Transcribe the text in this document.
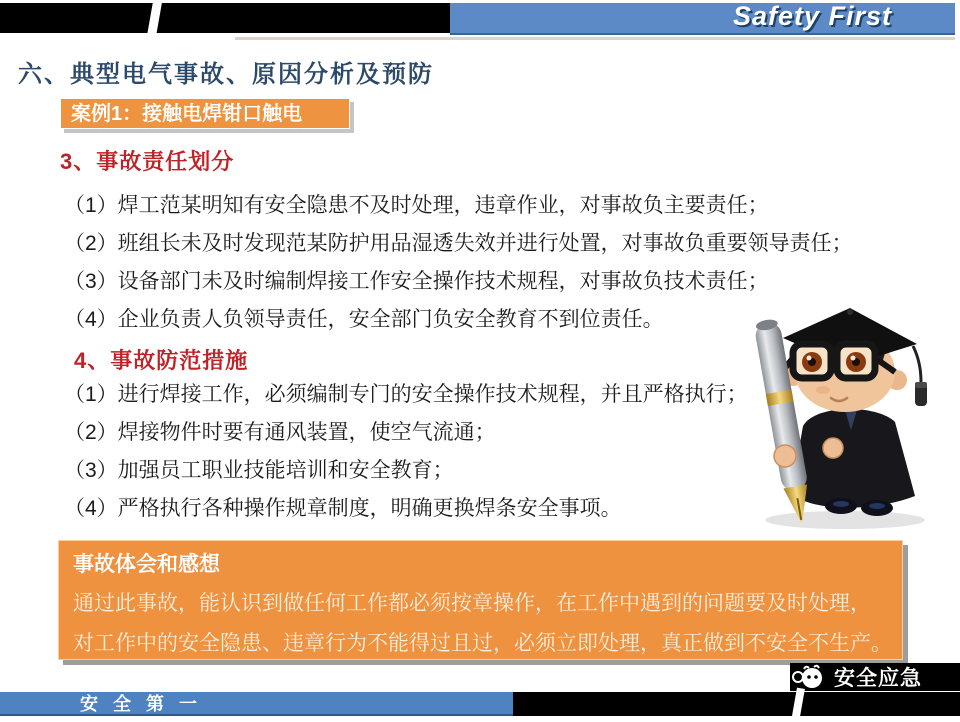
Safety First
六、典型电气事故、原因分析及预防
案例1：接触电焊钳口触电
3、事故责任划分
（1）焊工范某明知有安全隐患不及时处理，违章作业，对事故负主要责任；
（2）班组长未及时发现范某防护用品湿透失效并进行处置，对事故负重要领导责任；
（3）设备部门未及时编制焊接工作安全操作技术规程，对事故负技术责任；
（4）企业负责人负领导责任，安全部门负安全教育不到位责任。
4、事故防范措施
（1）进行焊接工作，必须编制专门的安全操作技术规程，并且严格执行；
（2）焊接物件时要有通风装置，使空气流通；
（3）加强员工职业技能培训和安全教育；
（4）严格执行各种操作规章制度，明确更换焊条安全事项。
事故体会和感想
通过此事故，能认识到做任何工作都必须按章操作，在工作中遇到的问题要及时处理，
对工作中的安全隐患、违章行为不能得过且过，必须立即处理，真正做到不安全不生产。
安全应急
安 全 第 一
